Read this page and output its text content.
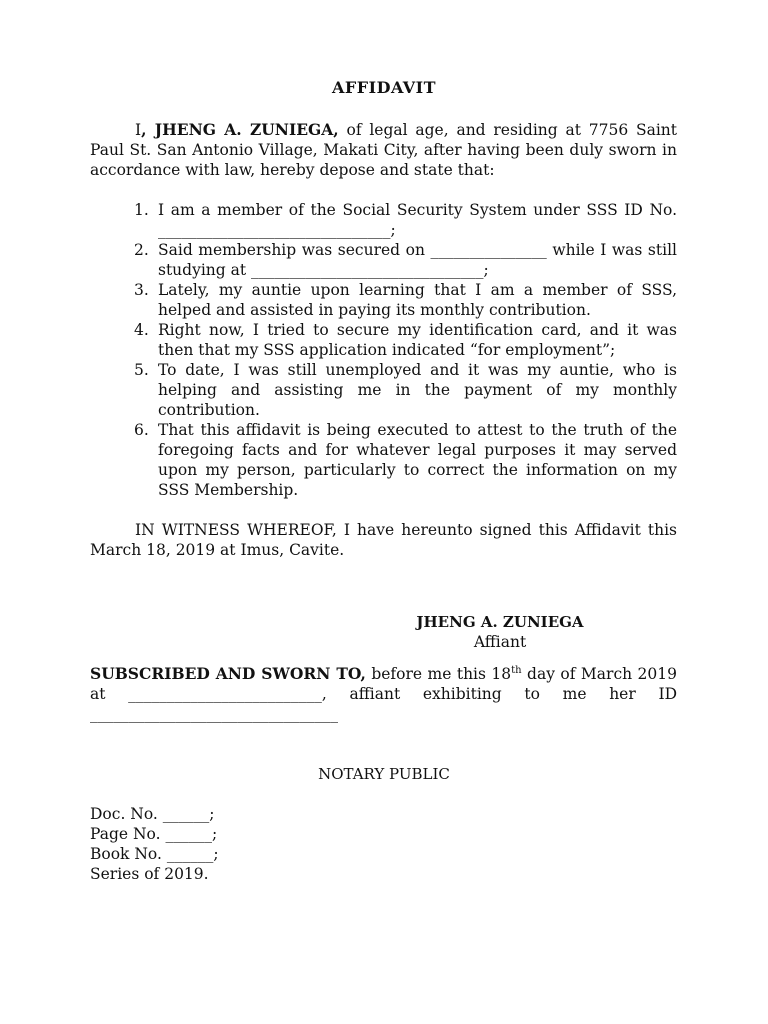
AFFIDAVIT
I, JHENG A. ZUNIEGA, of legal age, and residing at 7756 Saint Paul St. San Antonio Village, Makati City, after having been duly sworn in accordance with law, hereby depose and state that:
1. I am a member of the Social Security System under SSS ID No. ______________________________;
2. Said membership was secured on _______________ while I was still studying at ______________________________;
3. Lately, my auntie upon learning that I am a member of SSS, helped and assisted in paying its monthly contribution.
4. Right now, I tried to secure my identification card, and it was then that my SSS application indicated “for employment”;
5. To date, I was still unemployed and it was my auntie, who is helping and assisting me in the payment of my monthly contribution.
6. That this affidavit is being executed to attest to the truth of the foregoing facts and for whatever legal purposes it may served upon my person, particularly to correct the information on my SSS Membership.
IN WITNESS WHEREOF, I have hereunto signed this Affidavit this March 18, 2019 at Imus, Cavite.
JHENG A. ZUNIEGA
Affiant
SUBSCRIBED AND SWORN TO, before me this 18th day of March 2019 at _________________________, affiant exhibiting to me her ID ________________________________
NOTARY PUBLIC
Doc. No. ______;
Page No. ______;
Book No. ______;
Series of 2019.
